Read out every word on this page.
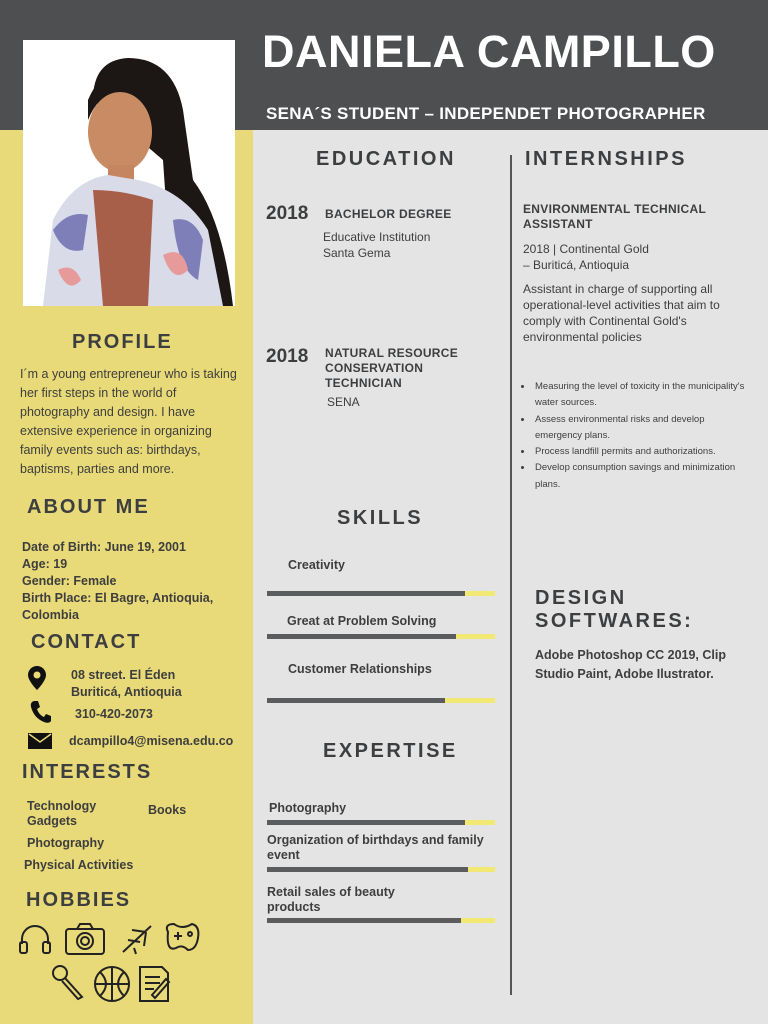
DANIELA CAMPILLO
SENA´S STUDENT – INDEPENDET PHOTOGRAPHER
PROFILE
I´m a young entrepreneur who is taking her first steps in the world of photography and design. I have extensive experience in organizing family events such as: birthdays, baptisms, parties and more.
ABOUT ME
Date of Birth: June 19, 2001
Age: 19
Gender: Female
Birth Place: El Bagre, Antioquia, Colombia
CONTACT
08 street. El Éden
Buriticá, Antioquia
310-420-2073
dcampillo4@misena.edu.co
INTERESTS
Technology Gadgets
Books
Photography
Physical Activities
HOBBIES
EDUCATION
2018 BACHELOR DEGREE
Educative Institution
Santa Gema
2018 NATURAL RESOURCE
CONSERVATION
TECHNICIAN
SENA
SKILLS
Creativity
Great at Problem Solving
Customer Relationships
EXPERTISE
Photography
Organization of birthdays and family
event
Retail sales of beauty
products
INTERNSHIPS
ENVIRONMENTAL TECHNICAL
ASSISTANT
2018 | Continental Gold
– Buriticá, Antioquia
Assistant in charge of supporting all operational-level activities that aim to comply with Continental Gold's environmental policies
• Measuring the level of toxicity in the municipality's water sources.
• Assess environmental risks and develop emergency plans.
• Process landfill permits and authorizations.
• Develop consumption savings and minimization plans.
DESIGN
SOFTWARES:
Adobe Photoshop CC 2019, Clip Studio Paint, Adobe Ilustrator.
